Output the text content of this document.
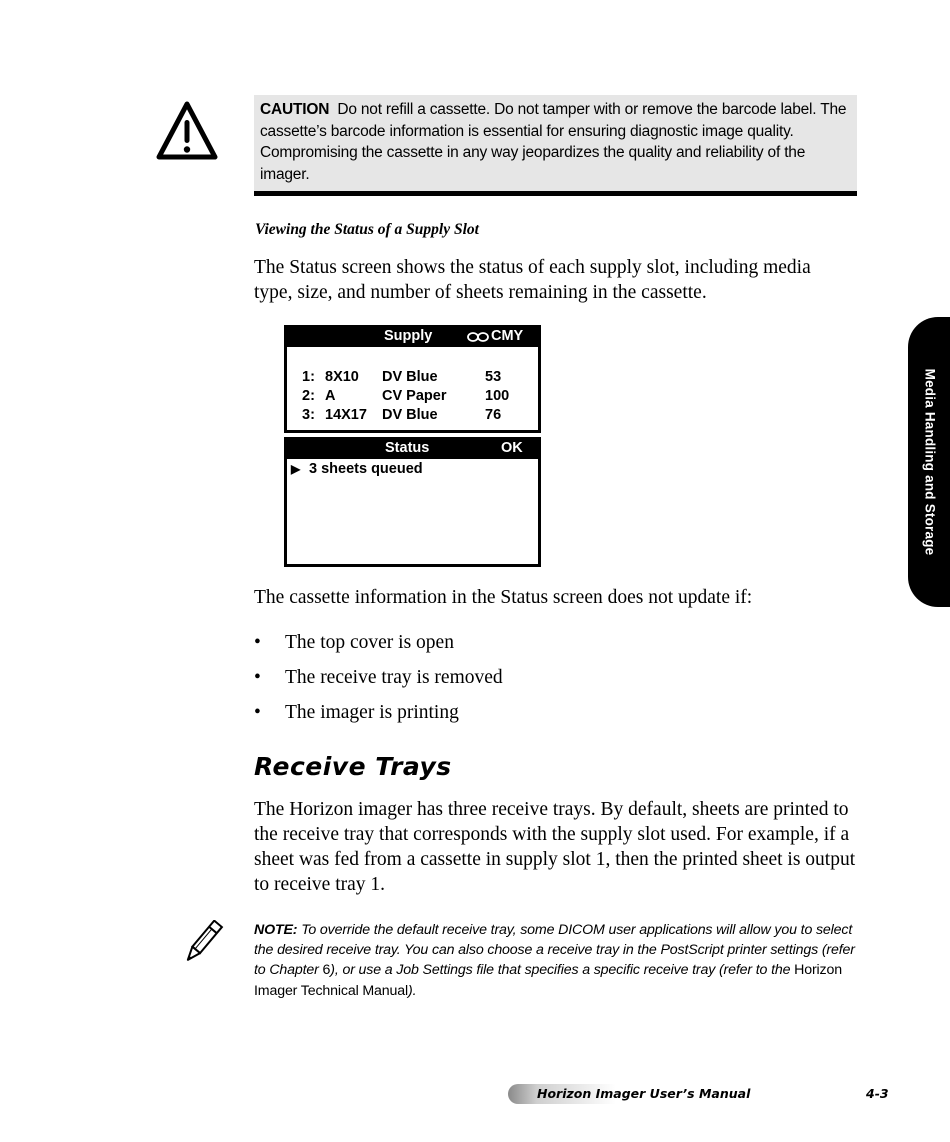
CAUTION Do not refill a cassette. Do not tamper with or remove the barcode label. The cassette’s barcode information is essential for ensuring diagnostic image quality. Compromising the cassette in any way jeopardizes the quality and reliability of the imager.
Viewing the Status of a Supply Slot
The Status screen shows the status of each supply slot, including media type, size, and number of sheets remaining in the cassette.
Supply	CMY
1: 8X10 DV Blue	53
2: A	CV Paper	100
3: 14X17 DV Blue	76
Status	OK
▶ 3 sheets queued
The cassette information in the Status screen does not update if:
• The top cover is open
• The receive tray is removed
• The imager is printing
Receive Trays
The Horizon imager has three receive trays. By default, sheets are printed to the receive tray that corresponds with the supply slot used. For example, if a sheet was fed from a cassette in supply slot 1, then the printed sheet is output to receive tray 1.
NOTE: To override the default receive tray, some DICOM user applications will allow you to select the desired receive tray. You can also choose a receive tray in the PostScript printer settings (refer to Chapter 6), or use a Job Settings file that specifies a specific receive tray (refer to the Horizon Imager Technical Manual).
Media Handling and Storage
Horizon Imager User’s Manual	4-3
